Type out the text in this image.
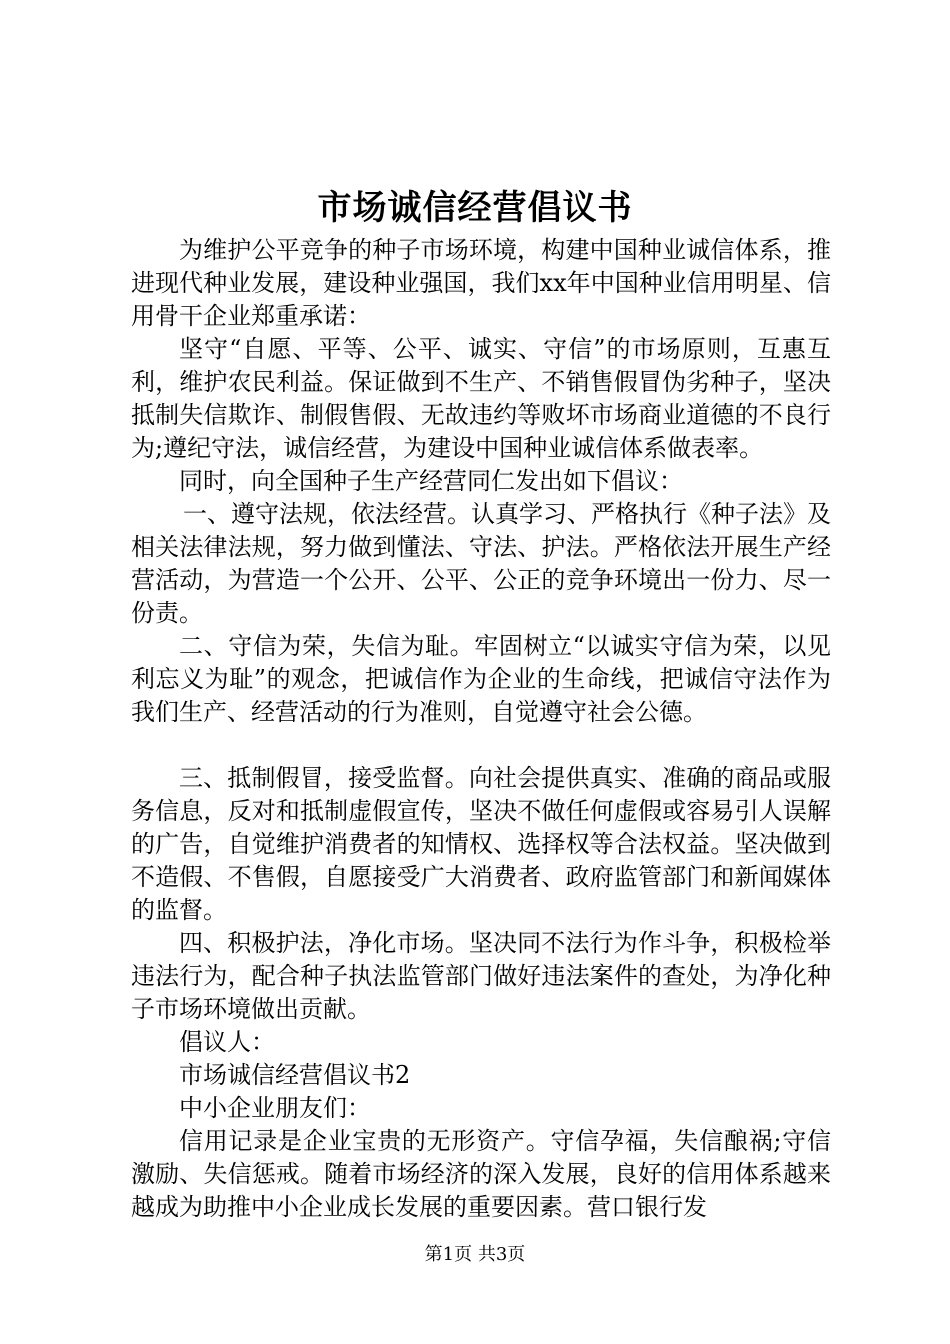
市场诚信经营倡议书

为维护公平竞争的种子市场环境，构建中国种业诚信体系，推进现代种业发展，建设种业强国，我们xx年中国种业信用明星、信用骨干企业郑重承诺：

坚守“自愿、平等、公平、诚实、守信”的市场原则，互惠互利，维护农民利益。保证做到不生产、不销售假冒伪劣种子，坚决抵制失信欺诈、制假售假、无故违约等败坏市场商业道德的不良行为;遵纪守法，诚信经营，为建设中国种业诚信体系做表率。

同时，向全国种子生产经营同仁发出如下倡议：

一、遵守法规，依法经营。认真学习、严格执行《种子法》及相关法律法规，努力做到懂法、守法、护法。严格依法开展生产经营活动，为营造一个公开、公平、公正的竞争环境出一份力、尽一份责。

二、守信为荣，失信为耻。牢固树立“以诚实守信为荣，以见利忘义为耻”的观念，把诚信作为企业的生命线，把诚信守法作为我们生产、经营活动的行为准则，自觉遵守社会公德。

三、抵制假冒，接受监督。向社会提供真实、准确的商品或服务信息，反对和抵制虚假宣传，坚决不做任何虚假或容易引人误解的广告，自觉维护消费者的知情权、选择权等合法权益。坚决做到不造假、不售假，自愿接受广大消费者、政府监管部门和新闻媒体的监督。

四、积极护法，净化市场。坚决同不法行为作斗争，积极检举违法行为，配合种子执法监管部门做好违法案件的查处，为净化种子市场环境做出贡献。

倡议人：

市场诚信经营倡议书2

中小企业朋友们：

信用记录是企业宝贵的无形资产。守信孕福，失信酿祸;守信激励、失信惩戒。随着市场经济的深入发展，良好的信用体系越来越成为助推中小企业成长发展的重要因素。营口银行发

第1页 共3页
